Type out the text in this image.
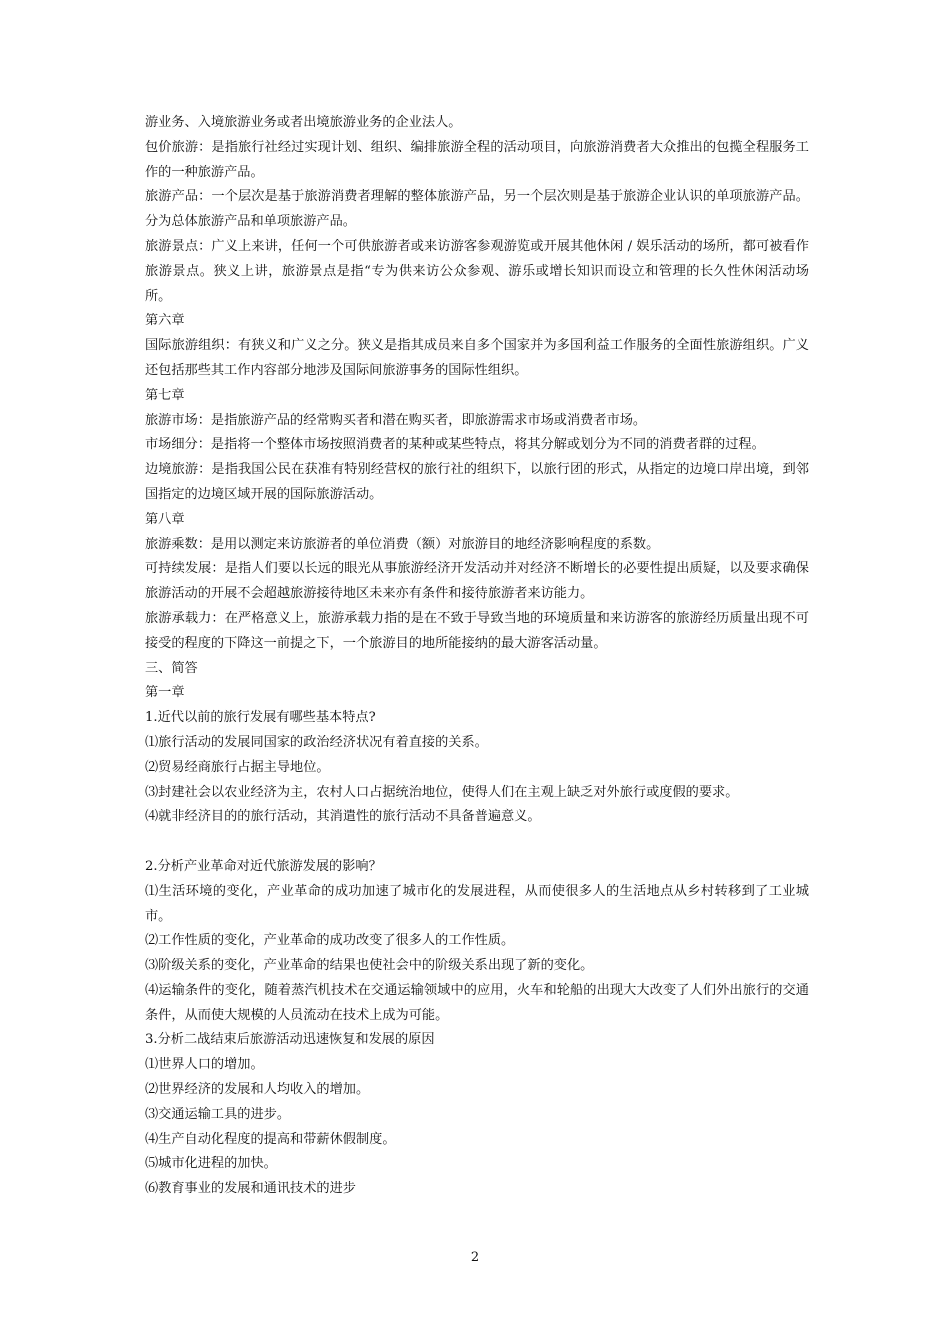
游业务、入境旅游业务或者出境旅游业务的企业法人。

包价旅游：是指旅行社经过实现计划、组织、编排旅游全程的活动项目，向旅游消费者大众推出的包揽全程服务工作的一种旅游产品。

旅游产品：一个层次是基于旅游消费者理解的整体旅游产品，另一个层次则是基于旅游企业认识的单项旅游产品。分为总体旅游产品和单项旅游产品。

旅游景点：广义上来讲，任何一个可供旅游者或来访游客参观游览或开展其他休闲 / 娱乐活动的场所，都可被看作旅游景点。狭义上讲，旅游景点是指“专为供来访公众参观、游乐或增长知识而设立和管理的长久性休闲活动场所。

第六章

国际旅游组织：有狭义和广义之分。狭义是指其成员来自多个国家并为多国利益工作服务的全面性旅游组织。广义还包括那些其工作内容部分地涉及国际间旅游事务的国际性组织。

第七章

旅游市场：是指旅游产品的经常购买者和潜在购买者，即旅游需求市场或消费者市场。

市场细分：是指将一个整体市场按照消费者的某种或某些特点，将其分解或划分为不同的消费者群的过程。

边境旅游：是指我国公民在获准有特别经营权的旅行社的组织下，以旅行团的形式，从指定的边境口岸出境，到邻国指定的边境区域开展的国际旅游活动。

第八章

旅游乘数：是用以测定来访旅游者的单位消费（额）对旅游目的地经济影响程度的系数。

可持续发展：是指人们要以长远的眼光从事旅游经济开发活动并对经济不断增长的必要性提出质疑，以及要求确保旅游活动的开展不会超越旅游接待地区未来亦有条件和接待旅游者来访能力。

旅游承载力：在严格意义上，旅游承载力指的是在不致于导致当地的环境质量和来访游客的旅游经历质量出现不可接受的程度的下降这一前提之下，一个旅游目的地所能接纳的最大游客活动量。

三、简答

第一章

1.近代以前的旅行发展有哪些基本特点?

⑴旅行活动的发展同国家的政治经济状况有着直接的关系。

⑵贸易经商旅行占据主导地位。

⑶封建社会以农业经济为主，农村人口占据统治地位，使得人们在主观上缺乏对外旅行或度假的要求。

⑷就非经济目的的旅行活动，其消遣性的旅行活动不具备普遍意义。

2.分析产业革命对近代旅游发展的影响？

⑴生活环境的变化，产业革命的成功加速了城市化的发展进程，从而使很多人的生活地点从乡村转移到了工业城市。

⑵工作性质的变化，产业革命的成功改变了很多人的工作性质。

⑶阶级关系的变化，产业革命的结果也使社会中的阶级关系出现了新的变化。

⑷运输条件的变化，随着蒸汽机技术在交通运输领域中的应用，火车和轮船的出现大大改变了人们外出旅行的交通条件，从而使大规模的人员流动在技术上成为可能。

3.分析二战结束后旅游活动迅速恢复和发展的原因

⑴世界人口的增加。

⑵世界经济的发展和人均收入的增加。

⑶交通运输工具的进步。

⑷生产自动化程度的提高和带薪休假制度。

⑸城市化进程的加快。

⑹教育事业的发展和通讯技术的进步

2
